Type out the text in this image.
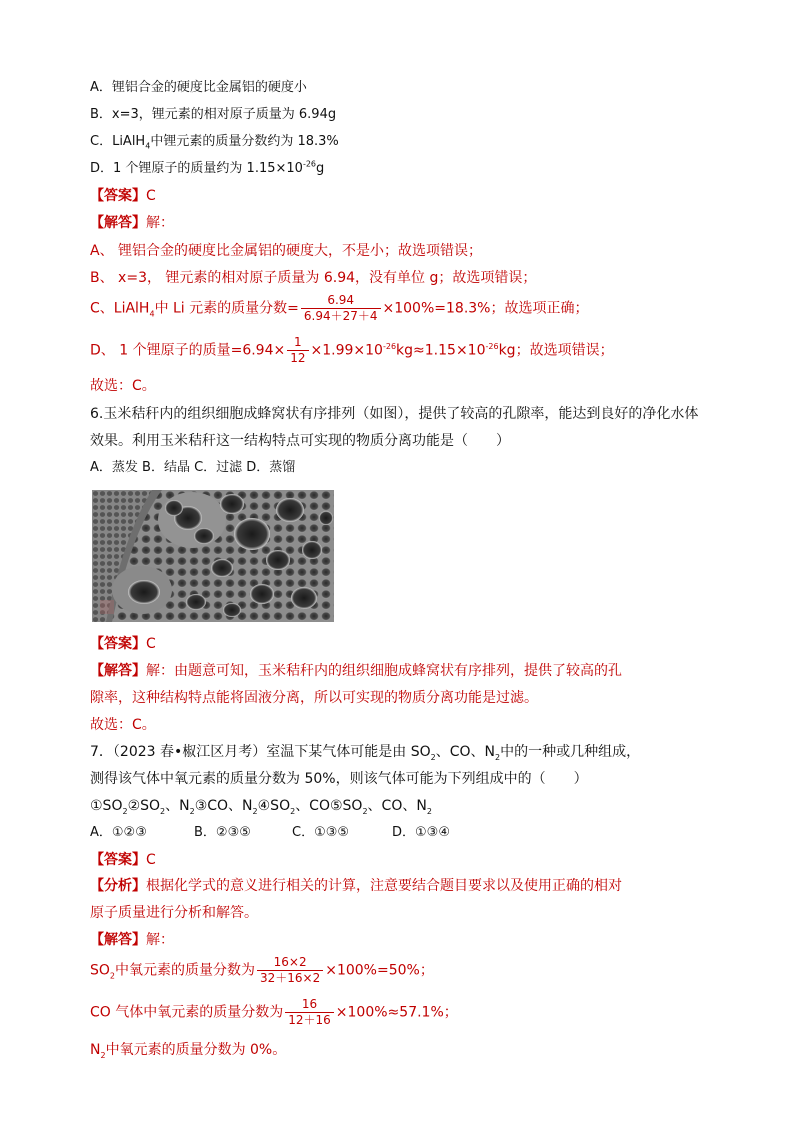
A．锂铝合金的硬度比金属铝的硬度小
B．x=3，锂元素的相对原子质量为 6.94g
C．LiAlH$_4$中锂元素的质量分数约为 18.3%
D．1 个锂原子的质量约为 $1.15\times 10^{-26}g$
【答案】C
【解答】解：
A、 锂铝合金的硬度比金属铝的硬度大，不是小；故选项错误；
B、 x=3， 锂元素的相对原子质量为 6.94，没有单位 g；故选项错误；
C、LiAlH$_4$中 Li 元素的质量分数= $\frac{6.94}{6.94+27+4} \times 100\%=18.3\%$；故选项正确；
D、 1 个锂原子的质量$=6.94\times \frac{1}{12} \times 1.99\times 10^{-26}kg\approx 1.15\times 10^{-26}kg$；故选项错误；
故选：C。
6.玉米秸秆内的组织细胞成蜂窝状有序排列（如图），提供了较高的孔隙率，能达到良好的净化水体
效果。利用玉米秸秆这一结构特点可实现的物质分离功能是（　　）
A．蒸发 B．结晶 C．过滤 D．蒸馏
【答案】C
【解答】解：由题意可知，玉米秸秆内的组织细胞成蜂窝状有序排列，提供了较高的孔
隙率，这种结构特点能将固液分离，所以可实现的物质分离功能是过滤。
故选：C。
7．（2023 春•椒江区月考）室温下某气体可能是由 $SO_2$、CO、$N_2$中的一种或几种组成，
测得该气体中氧元素的质量分数为 50%，则该气体可能为下列组成中的（　　）
$①SO_2②SO_2$、$N_2③CO$、$N_2④SO_2$、$CO⑤SO_2$、CO、$N_2$
A．①②③	B．②③⑤	C．①③⑤	D．①③④
【答案】C
【分析】根据化学式的意义进行相关的计算，注意要结合题目要求以及使用正确的相对
原子质量进行分析和解答。
【解答】解：
$SO_2$中氧元素的质量分数为 $\frac{16\times 2}{32+16\times 2} \times 100\%=50\%$；
CO 气体中氧元素的质量分数为 $\frac{16}{12+16} \times 100\%\approx 57.1\%$；
$N_2$中氧元素的质量分数为 0%。
